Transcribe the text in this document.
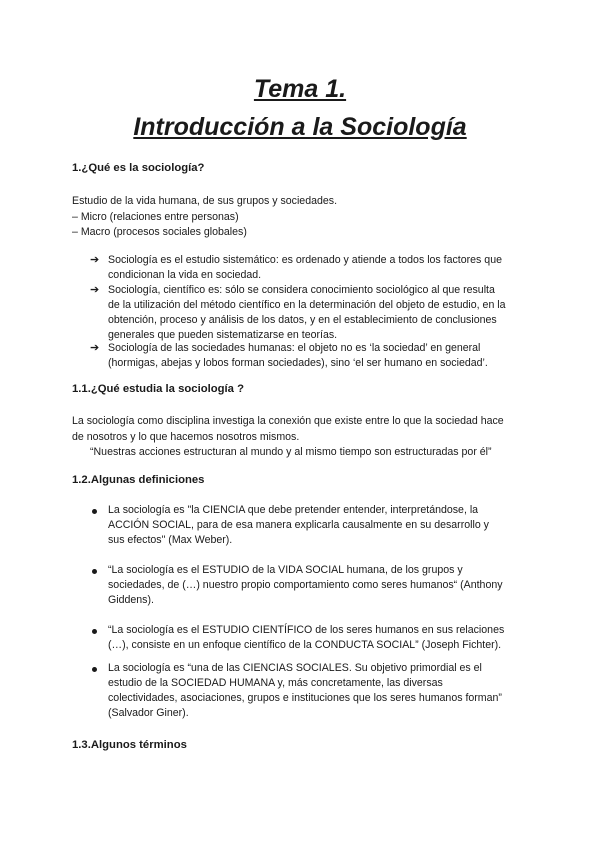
Tema 1.
Introducción a la Sociología
1.¿Qué es la sociología?

Estudio de la vida humana, de sus grupos y sociedades.

– Micro (relaciones entre personas)

– Macro (procesos sociales globales)

➔ Sociología es el estudio sistemático: es ordenado y atiende a todos los factores que
condicionan la vida en sociedad.
➔ Sociología, científico es: sólo se considera conocimiento sociológico al que resulta
de la utilización del método científico en la determinación del objeto de estudio, en la
obtención, proceso y análisis de los datos, y en el establecimiento de conclusiones
generales que pueden sistematizarse en teorías.
➔ Sociología de las sociedades humanas: el objeto no es ‘la sociedad’ en general
(hormigas, abejas y lobos forman sociedades), sino ‘el ser humano en sociedad’.
1.1.¿Qué estudia la sociología ?

La sociología como disciplina investiga la conexión que existe entre lo que la sociedad hace

de nosotros y lo que hacemos nosotros mismos.

“Nuestras acciones estructuran al mundo y al mismo tiempo son estructuradas por él”

1.2.Algunas definiciones
La sociología es "la CIENCIA que debe pretender entender, interpretándose, la
ACCIÓN SOCIAL, para de esa manera explicarla causalmente en su desarrollo y
sus efectos" (Max Weber).
“La sociología es el ESTUDIO de la VIDA SOCIAL humana, de los grupos y
sociedades, de (…) nuestro propio comportamiento como seres humanos“ (Anthony
Giddens).
“La sociología es el ESTUDIO CIENTÍFICO de los seres humanos en sus relaciones
(…), consiste en un enfoque científico de la CONDUCTA SOCIAL” (Joseph Fichter).
La sociología es “una de las CIENCIAS SOCIALES. Su objetivo primordial es el
estudio de la SOCIEDAD HUMANA y, más concretamente, las diversas
colectividades, asociaciones, grupos e instituciones que los seres humanos forman”
(Salvador Giner).
1.3.Algunos términos
